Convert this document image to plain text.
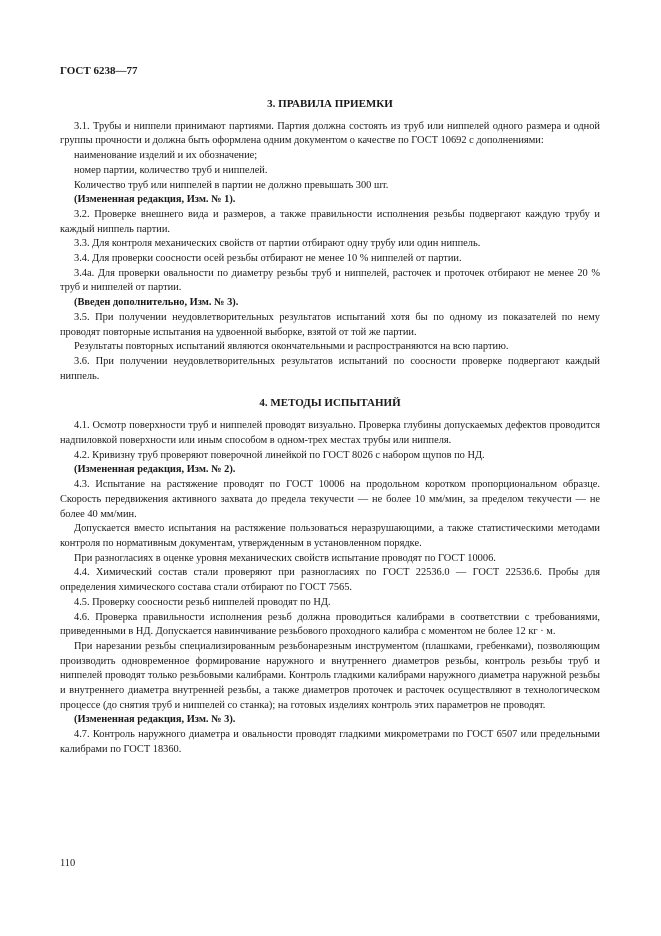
ГОСТ 6238—77
3. ПРАВИЛА ПРИЕМКИ

3.1. Трубы и ниппели принимают партиями. Партия должна состоять из труб или ниппелей одного размера и одной группы прочности и должна быть оформлена одним документом о качестве по ГОСТ 10692 с дополнениями:

наименование изделий и их обозначение;

номер партии, количество труб и ниппелей.

Количество труб или ниппелей в партии не должно превышать 300 шт.

(Измененная редакция, Изм. № 1).

3.2. Проверке внешнего вида и размеров, а также правильности исполнения резьбы подвергают каждую трубу и каждый ниппель партии.

3.3. Для контроля механических свойств от партии отбирают одну трубу или один ниппель.

3.4. Для проверки соосности осей резьбы отбирают не менее 10 % ниппелей от партии.

3.4а. Для проверки овальности по диаметру резьбы труб и ниппелей, расточек и проточек отбирают не менее 20 % труб и ниппелей от партии.

(Введен дополнительно, Изм. № 3).

3.5. При получении неудовлетворительных результатов испытаний хотя бы по одному из показателей по нему проводят повторные испытания на удвоенной выборке, взятой от той же партии.

Результаты повторных испытаний являются окончательными и распространяются на всю партию.

3.6. При получении неудовлетворительных результатов испытаний по соосности проверке подвергают каждый ниппель.

4. МЕТОДЫ ИСПЫТАНИЙ

4.1. Осмотр поверхности труб и ниппелей проводят визуально. Проверка глубины допускаемых дефектов проводится надпиловкой поверхности или иным способом в одном-трех местах трубы или ниппеля.

4.2. Кривизну труб проверяют поверочной линейкой по ГОСТ 8026 с набором щупов по НД.

(Измененная редакция, Изм. № 2).

4.3. Испытание на растяжение проводят по ГОСТ 10006 на продольном коротком пропорциональном образце. Скорость передвижения активного захвата до предела текучести — не более 10 мм/мин, за пределом текучести — не более 40 мм/мин.

Допускается вместо испытания на растяжение пользоваться неразрушающими, а также статистическими методами контроля по нормативным документам, утвержденным в установленном порядке.

При разногласиях в оценке уровня механических свойств испытание проводят по ГОСТ 10006.

4.4. Химический состав стали проверяют при разногласиях по ГОСТ 22536.0 — ГОСТ 22536.6. Пробы для определения химического состава стали отбирают по ГОСТ 7565.

4.5. Проверку соосности резьб ниппелей проводят по НД.

4.6. Проверка правильности исполнения резьб должна проводиться калибрами в соответствии с требованиями, приведенными в НД. Допускается навинчивание резьбового проходного калибра с моментом не более 12 кг · м.

При нарезании резьбы специализированным резьбонарезным инструментом (плашками, гребенками), позволяющим производить одновременное формирование наружного и внутреннего диаметров резьбы, контроль резьбы труб и ниппелей проводят только резьбовыми калибрами. Контроль гладкими калибрами наружного диаметра наружной резьбы и внутреннего диаметра внутренней резьбы, а также диаметров проточек и расточек осуществляют в технологическом процессе (до снятия труб и ниппелей со станка); на готовых изделиях контроль этих параметров не проводят.

(Измененная редакция, Изм. № 3).

4.7. Контроль наружного диаметра и овальности проводят гладкими микрометрами по ГОСТ 6507 или предельными калибрами по ГОСТ 18360.

110
